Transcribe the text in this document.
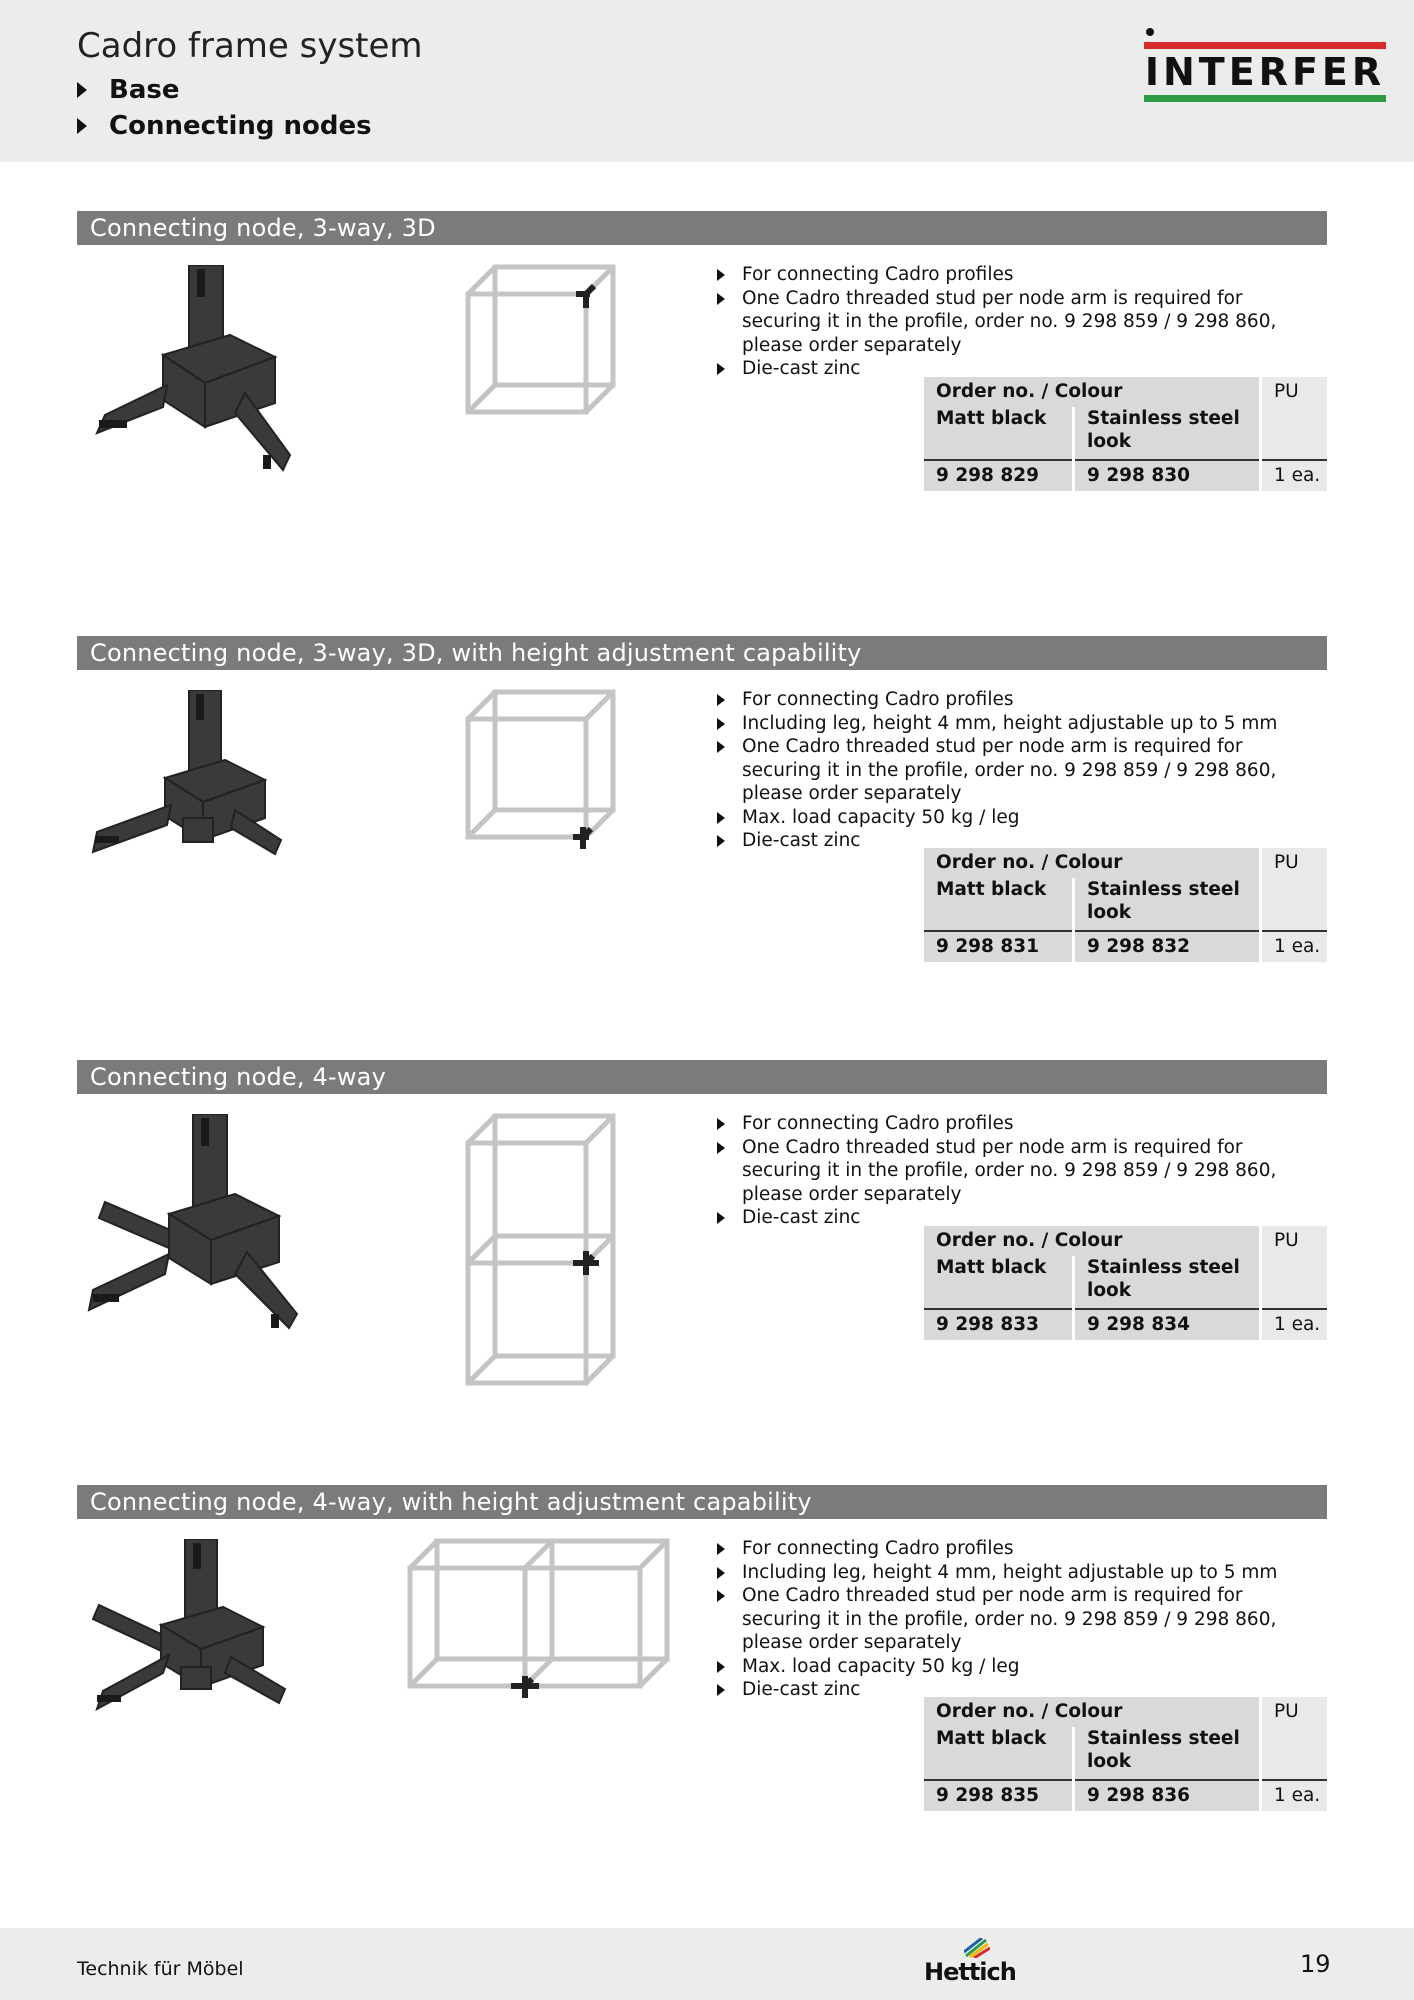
Cadro frame system
Base
Connecting nodes
INTERFER
Connecting node, 3-way, 3D
For connecting Cadro profiles
One Cadro threaded stud per node arm is required for securing it in the profile, order no. 9 298 859 / 9 298 860, please order separately
Die-cast zinc
Order no. / Colour		PU
Matt black	Stainless steel
look	
9 298 829	9 298 830	1 ea.
Connecting node, 3-way, 3D, with height adjustment capability
For connecting Cadro profiles
Including leg, height 4 mm, height adjustable up to 5 mm
One Cadro threaded stud per node arm is required for securing it in the profile, order no. 9 298 859 / 9 298 860, please order separately
Max. load capacity 50 kg / leg
Die-cast zinc
Order no. / Colour		PU
Matt black	Stainless steel
look	
9 298 831	9 298 832	1 ea.
Connecting node, 4-way
For connecting Cadro profiles
One Cadro threaded stud per node arm is required for securing it in the profile, order no. 9 298 859 / 9 298 860, please order separately
Die-cast zinc
Order no. / Colour		PU
Matt black	Stainless steel
look	
9 298 833	9 298 834	1 ea.
Connecting node, 4-way, with height adjustment capability
For connecting Cadro profiles
Including leg, height 4 mm, height adjustable up to 5 mm
One Cadro threaded stud per node arm is required for securing it in the profile, order no. 9 298 859 / 9 298 860, please order separately
Max. load capacity 50 kg / leg
Die-cast zinc
Order no. / Colour		PU
Matt black	Stainless steel
look	
9 298 835	9 298 836	1 ea.
Technik für Möbel	Hettich	19
